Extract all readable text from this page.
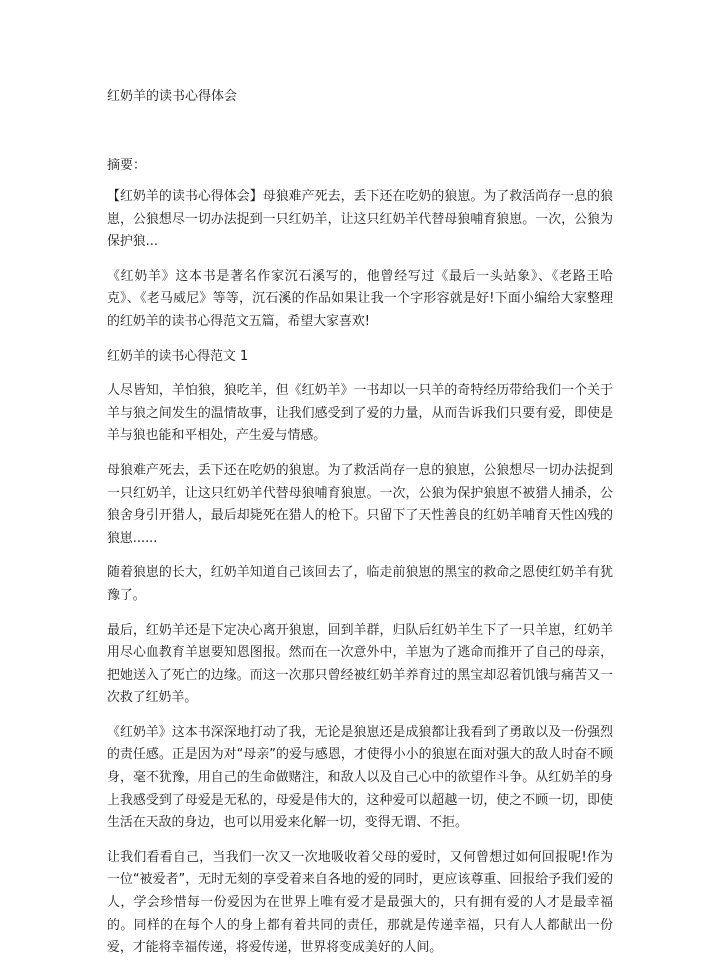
红奶羊的读书心得体会
摘要：

【红奶羊的读书心得体会】母狼难产死去，丢下还在吃奶的狼崽。为了救活尚存一息的狼崽，公狼想尽一切办法捉到一只红奶羊，让这只红奶羊代替母狼哺育狼崽。一次，公狼为保护狼...

《红奶羊》这本书是著名作家沉石溪写的，他曾经写过《最后一头站象》、《老路王哈克》、《老马威尼》等等，沉石溪的作品如果让我一个字形容就是好!下面小编给大家整理的红奶羊的读书心得范文五篇，希望大家喜欢!

红奶羊的读书心得范文 1

人尽皆知，羊怕狼，狼吃羊，但《红奶羊》一书却以一只羊的奇特经历带给我们一个关于羊与狼之间发生的温情故事，让我们感受到了爱的力量，从而告诉我们只要有爱，即使是羊与狼也能和平相处，产生爱与情感。

母狼难产死去，丢下还在吃奶的狼崽。为了救活尚存一息的狼崽，公狼想尽一切办法捉到一只红奶羊，让这只红奶羊代替母狼哺育狼崽。一次，公狼为保护狼崽不被猎人捕杀，公狼舍身引开猎人，最后却毙死在猎人的枪下。只留下了天性善良的红奶羊哺育天性凶残的狼崽......

随着狼崽的长大，红奶羊知道自己该回去了，临走前狼崽的黑宝的救命之恩使红奶羊有犹豫了。

最后，红奶羊还是下定决心离开狼崽，回到羊群，归队后红奶羊生下了一只羊崽，红奶羊用尽心血教育羊崽要知恩图报。然而在一次意外中，羊崽为了逃命而推开了自己的母亲，把她送入了死亡的边缘。而这一次那只曾经被红奶羊养育过的黑宝却忍着饥饿与痛苦又一次救了红奶羊。

《红奶羊》这本书深深地打动了我，无论是狼崽还是成狼都让我看到了勇敢以及一份强烈的责任感。正是因为对“母亲”的爱与感恩，才使得小小的狼崽在面对强大的敌人时奋不顾身，毫不犹豫，用自己的生命做赌注，和敌人以及自己心中的欲望作斗争。从红奶羊的身上我感受到了母爱是无私的，母爱是伟大的，这种爱可以超越一切，使之不顾一切，即使生活在天敌的身边，也可以用爱来化解一切，变得无谓、不拒。

让我们看看自己，当我们一次又一次地吸收着父母的爱时，又何曾想过如何回报呢!作为一位“被爱者”，无时无刻的享受着来自各地的爱的同时，更应该尊重、回报给予我们爱的人，学会珍惜每一份爱因为在世界上唯有爱才是最强大的，只有拥有爱的人才是最幸福的。同样的在每个人的身上都有着共同的责任，那就是传递幸福，只有人人都献出一份爱，才能将幸福传递，将爱传递，世界将变成美好的人间。
